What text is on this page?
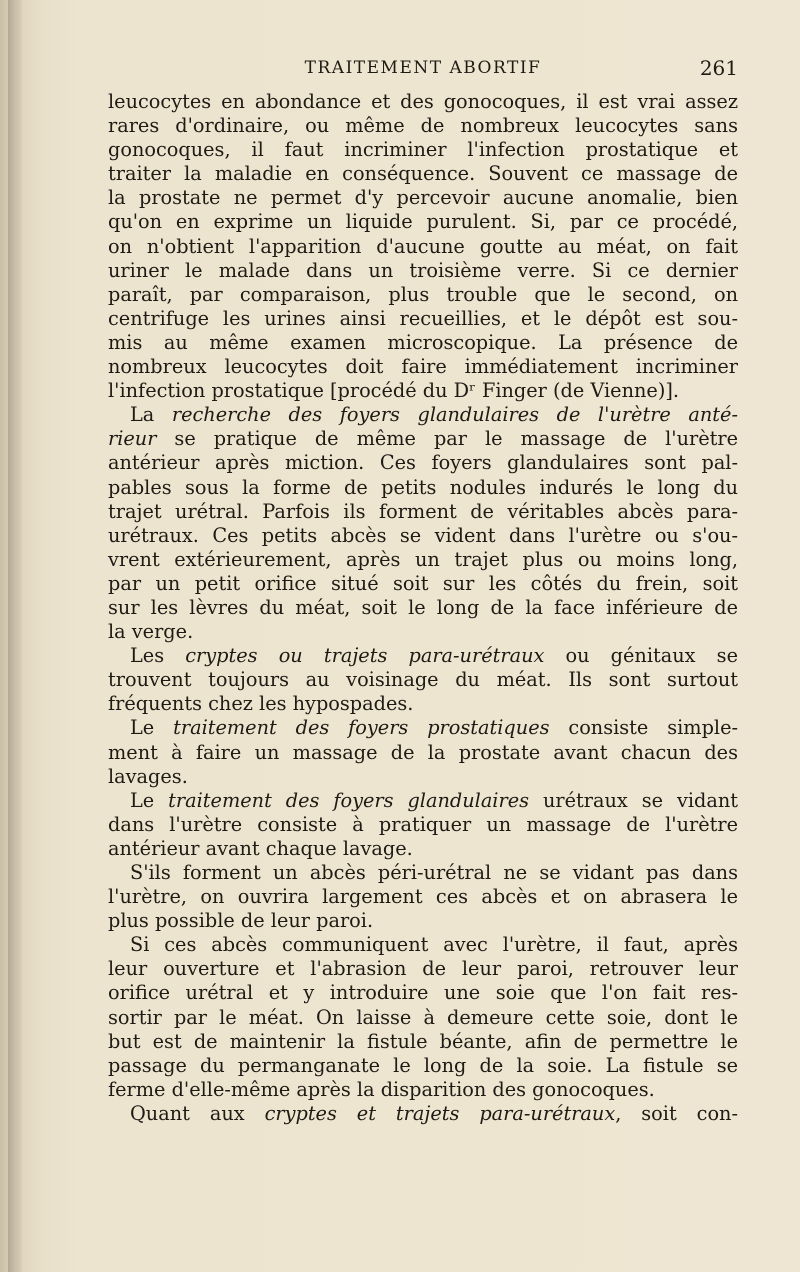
TRAITEMENT ABORTIF	261
leucocytes en abondance et des gonocoques, il est vrai assez
rares d'ordinaire, ou même de nombreux leucocytes sans
gonocoques, il faut incriminer l'infection prostatique et
traiter la maladie en conséquence. Souvent ce massage de
la prostate ne permet d'y percevoir aucune anomalie, bien
qu'on en exprime un liquide purulent. Si, par ce procédé,
on n'obtient l'apparition d'aucune goutte au méat, on fait
uriner le malade dans un troisième verre. Si ce dernier
paraît, par comparaison, plus trouble que le second, on
centrifuge les urines ainsi recueillies, et le dépôt est sou-
mis au même examen microscopique. La présence de
nombreux leucocytes doit faire immédiatement incriminer
l'infection prostatique [procédé du Dʳ Finger (de Vienne)].
La recherche des foyers glandulaires de l'urètre anté-
rieur se pratique de même par le massage de l'urètre
antérieur après miction. Ces foyers glandulaires sont pal-
pables sous la forme de petits nodules indurés le long du
trajet urétral. Parfois ils forment de véritables abcès para-
urétraux. Ces petits abcès se vident dans l'urètre ou s'ou-
vrent extérieurement, après un trajet plus ou moins long,
par un petit orifice situé soit sur les côtés du frein, soit
sur les lèvres du méat, soit le long de la face inférieure de
la verge.
Les cryptes ou trajets para-urétraux ou génitaux se
trouvent toujours au voisinage du méat. Ils sont surtout
fréquents chez les hypospades.
Le traitement des foyers prostatiques consiste simple-
ment à faire un massage de la prostate avant chacun des
lavages.
Le traitement des foyers glandulaires urétraux se vidant
dans l'urètre consiste à pratiquer un massage de l'urètre
antérieur avant chaque lavage.
S'ils forment un abcès péri-urétral ne se vidant pas dans
l'urètre, on ouvrira largement ces abcès et on abrasera le
plus possible de leur paroi.
Si ces abcès communiquent avec l'urètre, il faut, après
leur ouverture et l'abrasion de leur paroi, retrouver leur
orifice urétral et y introduire une soie que l'on fait res-
sortir par le méat. On laisse à demeure cette soie, dont le
but est de maintenir la fistule béante, afin de permettre le
passage du permanganate le long de la soie. La fistule se
ferme d'elle-même après la disparition des gonocoques.
Quant aux cryptes et trajets para-urétraux, soit con-
